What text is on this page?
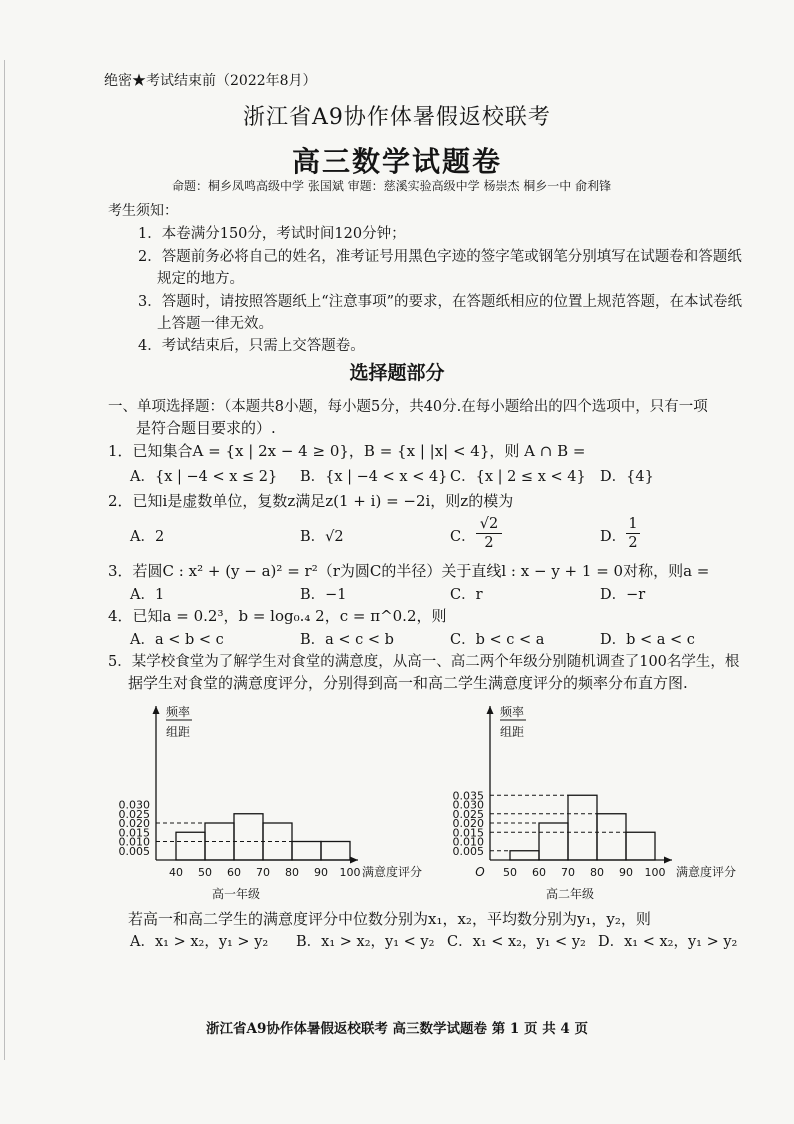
绝密★考试结束前（2022年8月）
浙江省A9协作体暑假返校联考
高三数学试题卷
命题：桐乡凤鸣高级中学 张国斌 审题：慈溪实验高级中学 杨崇杰 桐乡一中 俞利锋
考生须知：
1．本卷满分150分，考试时间120分钟；
2．答题前务必将自己的姓名，准考证号用黑色字迹的签字笔或钢笔分别填写在试题卷和答题纸
规定的地方。
3．答题时，请按照答题纸上“注意事项”的要求，在答题纸相应的位置上规范答题，在本试卷纸
上答题一律无效。
4．考试结束后，只需上交答题卷。
选择题部分
一、单项选择题：（本题共8小题，每小题5分，共40分.在每小题给出的四个选项中，只有一项
是符合题目要求的）.
1．已知集合A = {x | 2x − 4 ≥ 0}，B = {x | |x| < 4}，则 A ∩ B =
A．{x | −4 < x ≤ 2} B．{x | −4 < x < 4} C．{x | 2 ≤ x < 4} D．{4}
2．已知i是虚数单位，复数z满足z(1 + i) = −2i，则z的模为
A．2	B．√2	C． $\frac{√2}{2}$	D． $\frac{1}{2}$
3．若圆C : x² + (y − a)² = r²（r为圆C的半径）关于直线l : x − y + 1 = 0对称，则a =
A．1	B．−1	C．r	D．−r
4．已知a = 0.2³，b = log₀.₄ 2，c = π^0.2，则
A．a < b < c	B．a < c < b	C．b < c < a	D．b < a < c
5．某学校食堂为了解学生对食堂的满意度，从高一、高二两个年级分别随机调查了100名学生，根
据学生对食堂的满意度评分，分别得到高一和高二学生满意度评分的频率分布直方图.
0.005
0.010
0.015
0.020
0.025
0.030
40 50 60 70 80 90 100
频率
组距
满意度评分
高一年级
0.005
0.010
0.015
0.020
0.025
0.030
0.035
50 60 70 80 90 100
O
频率
组距
满意度评分
高二年级
若高一和高二学生的满意度评分中位数分别为x₁，x₂，平均数分别为y₁，y₂，则
A．x₁ > x₂，y₁ > y₂ B．x₁ > x₂，y₁ < y₂ C．x₁ < x₂，y₁ < y₂ D．x₁ < x₂，y₁ > y₂
浙江省A9协作体暑假返校联考 高三数学试题卷 第 1 页 共 4 页
